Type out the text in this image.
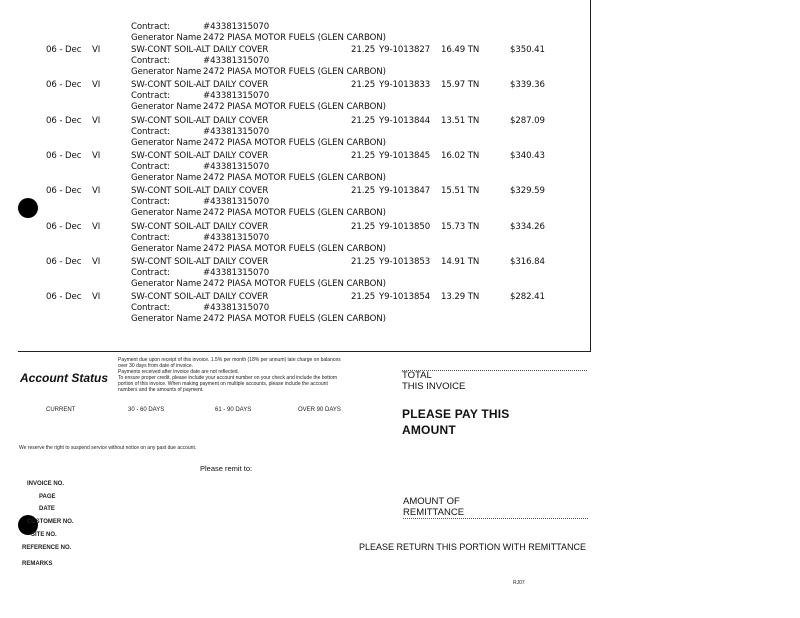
Contract:	#43381315070
Generator Name 2472 PIASA MOTOR FUELS (GLEN CARBON)
06 - Dec VI	SW-CONT SOIL-ALT DAILY COVER	21.25 Y9-1013827 16.49 TN	$350.41
Contract:	#43381315070
Generator Name 2472 PIASA MOTOR FUELS (GLEN CARBON)
06 - Dec VI	SW-CONT SOIL-ALT DAILY COVER	21.25 Y9-1013833 15.97 TN	$339.36
Contract:	#43381315070
Generator Name 2472 PIASA MOTOR FUELS (GLEN CARBON)
06 - Dec VI	SW-CONT SOIL-ALT DAILY COVER	21.25 Y9-1013844 13.51 TN	$287.09
Contract:	#43381315070
Generator Name 2472 PIASA MOTOR FUELS (GLEN CARBON)
06 - Dec VI	SW-CONT SOIL-ALT DAILY COVER	21.25 Y9-1013845 16.02 TN	$340.43
Contract:	#43381315070
Generator Name 2472 PIASA MOTOR FUELS (GLEN CARBON)
06 - Dec VI	SW-CONT SOIL-ALT DAILY COVER	21.25 Y9-1013847 15.51 TN	$329.59
Contract:	#43381315070
Generator Name 2472 PIASA MOTOR FUELS (GLEN CARBON)
06 - Dec VI	SW-CONT SOIL-ALT DAILY COVER	21.25 Y9-1013850 15.73 TN	$334.26
Contract:	#43381315070
Generator Name 2472 PIASA MOTOR FUELS (GLEN CARBON)
06 - Dec VI	SW-CONT SOIL-ALT DAILY COVER	21.25 Y9-1013853 14.91 TN	$316.84
Contract:	#43381315070
Generator Name 2472 PIASA MOTOR FUELS (GLEN CARBON)
06 - Dec VI	SW-CONT SOIL-ALT DAILY COVER	21.25 Y9-1013854 13.29 TN	$282.41
Contract:	#43381315070
Generator Name 2472 PIASA MOTOR FUELS (GLEN CARBON)
Payment due upon receipt of this invoice. 1.5% per month (18% per annum) late charge on balances
over 30 days from date of invoice.
Payments received after invoice date are not reflected.
To ensure proper credit, please include your account number on your check and include the bottom
portion of this invoice. When making payment on multiple accounts, please include the account
numbers and the amounts of payment.
Account Status
CURRENT	30 - 60 DAYS	61 - 90 DAYS	OVER 90 DAYS
TOTAL
THIS INVOICE
PLEASE PAY THIS
AMOUNT
We reserve the right to suspend service without notice on any past due account.
Please remit to:
INVOICE NO.
PAGE
DATE
CUSTOMER NO.
SITE NO.
REFERENCE NO.
REMARKS
AMOUNT OF
REMITTANCE
PLEASE RETURN THIS PORTION WITH REMITTANCE
RJ07
